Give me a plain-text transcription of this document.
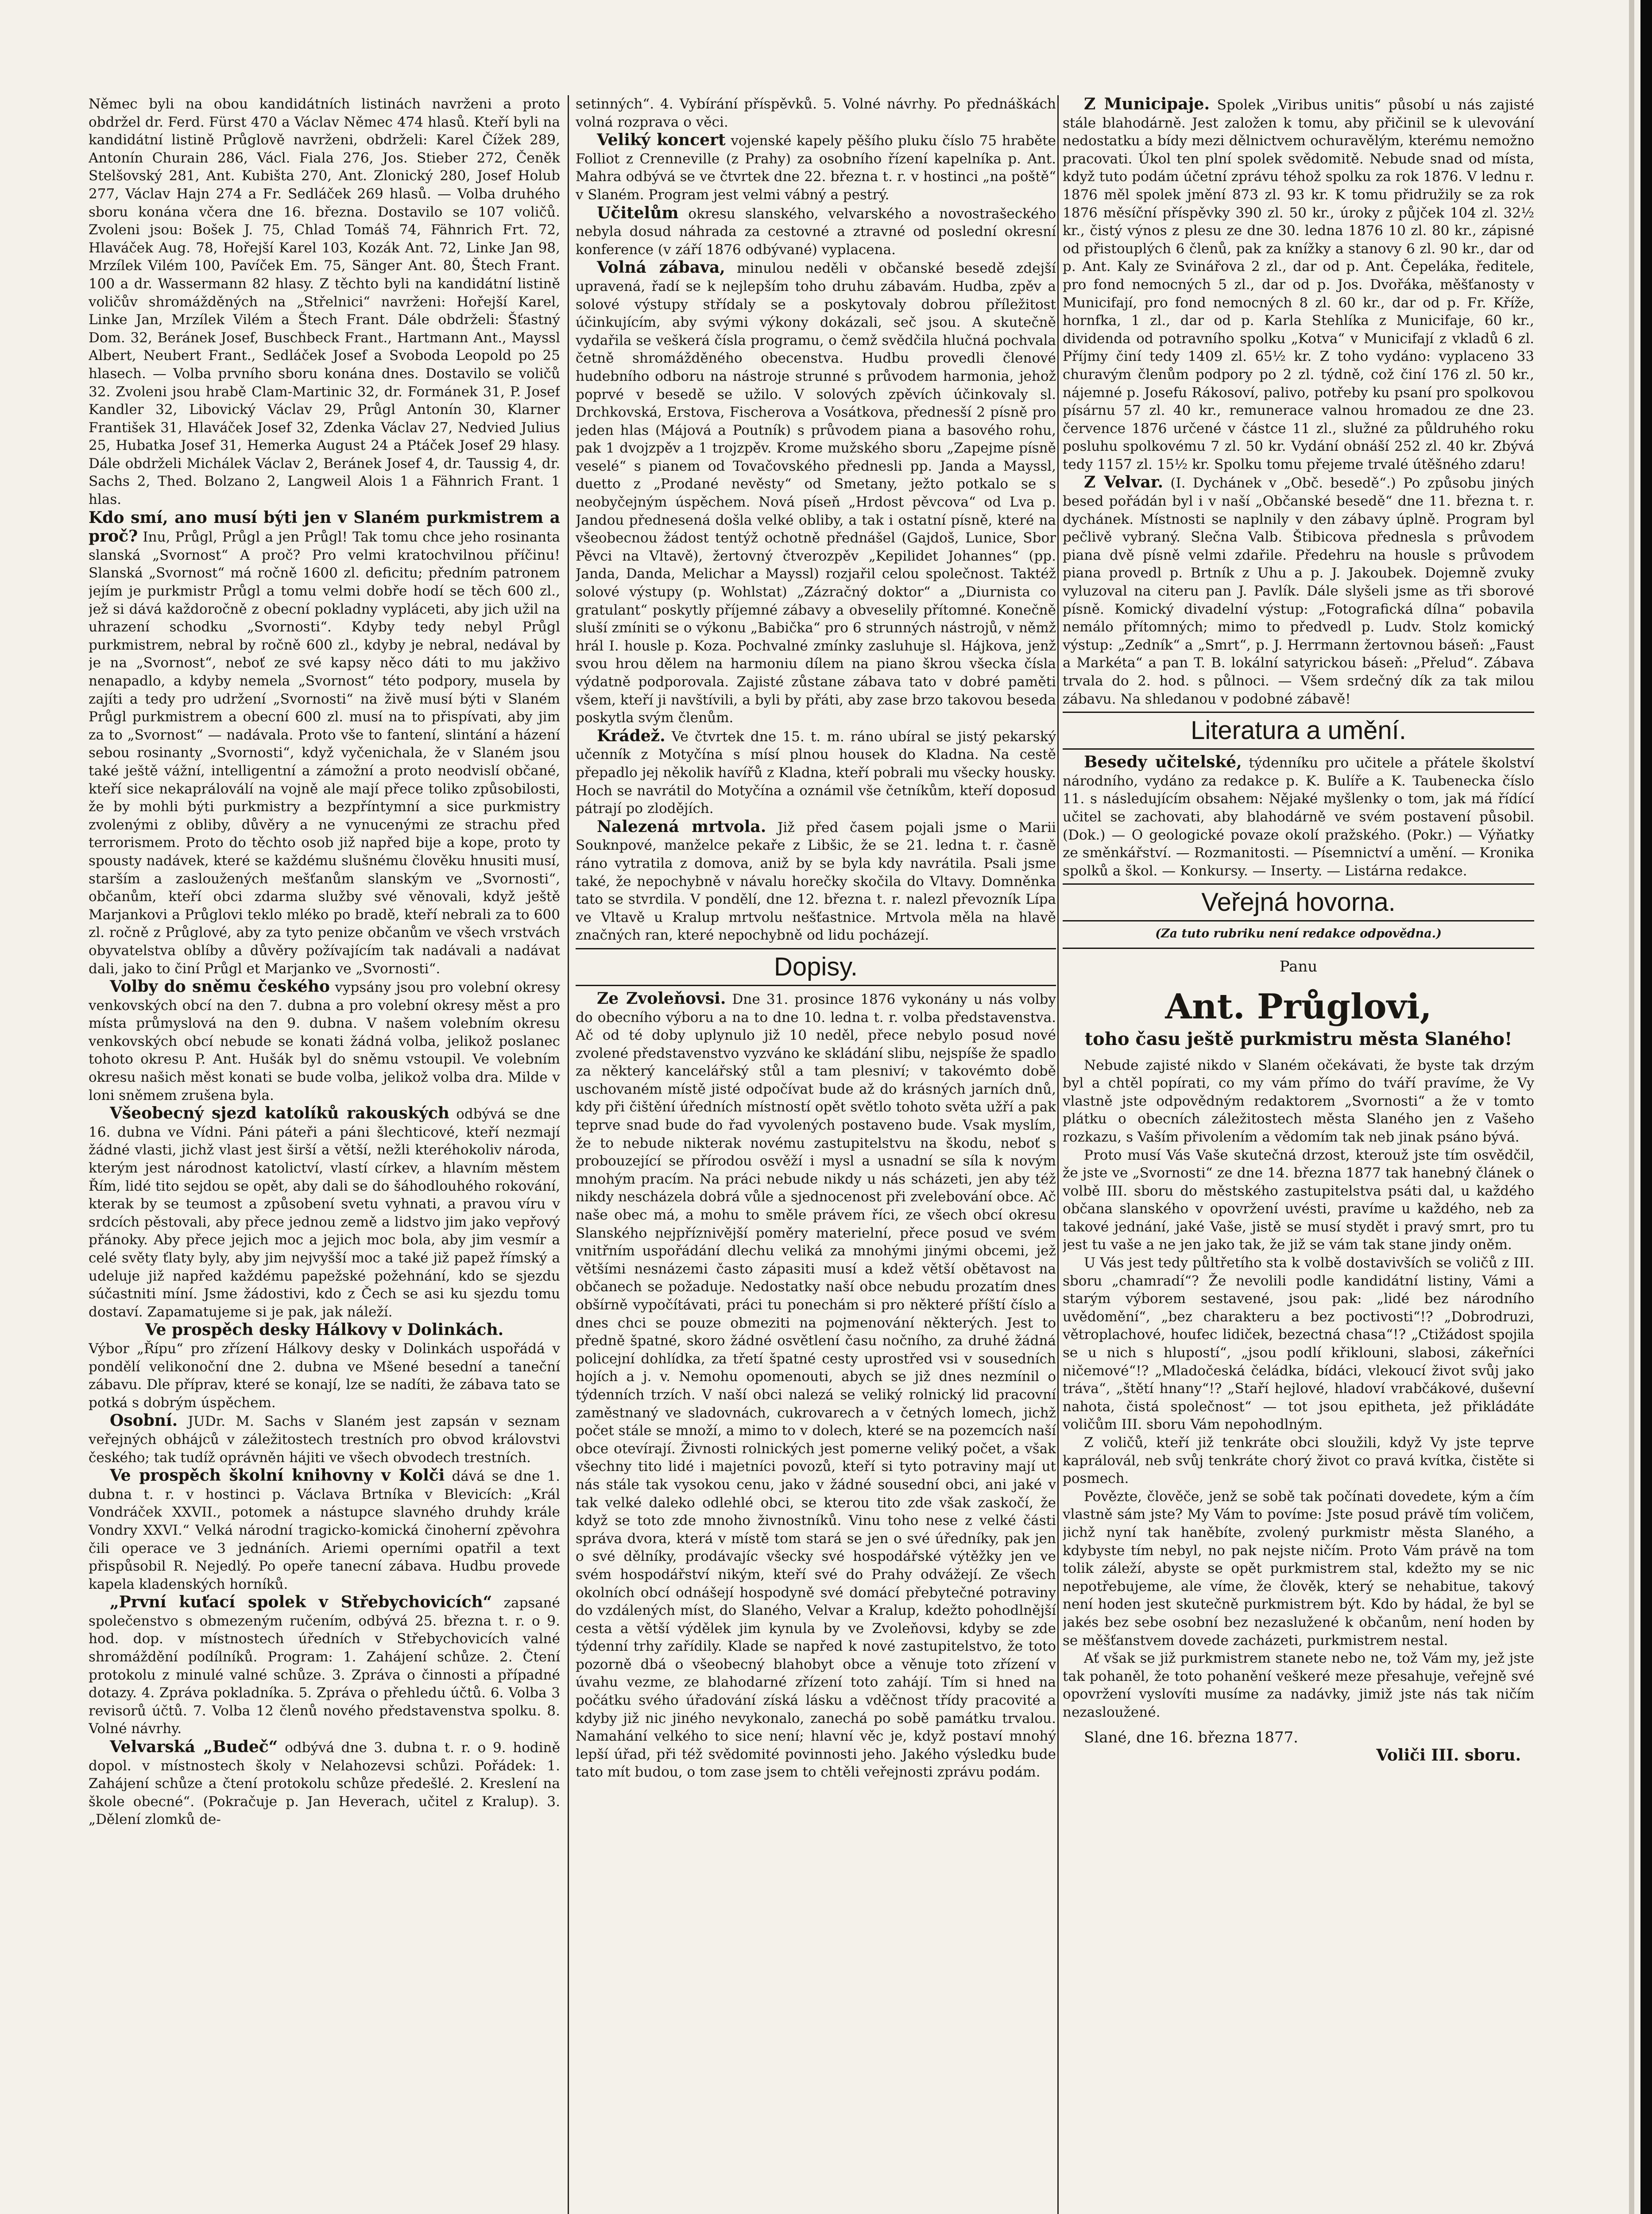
Němec byli na obou kandidátních listinách navrženi a proto obdržel dr. Ferd. Fürst 470 a Václav Němec 474 hlasů. Kteří byli na kandidátní listině Průglově navrženi, obdrželi: Karel Čížek 289, Antonín Churain 286, Václ. Fiala 276, Jos. Stieber 272, Čeněk Stelšovský 281, Ant. Kubišta 270, Ant. Zlonický 280, Josef Holub 277, Václav Hajn 274 a Fr. Sedláček 269 hlasů. — Volba druhého sboru konána včera dne 16. března. Dostavilo se 107 voličů. Zvoleni jsou: Bošek J. 75, Chlad Tomáš 74, Fähnrich Frt. 72, Hlaváček Aug. 78, Hořejší Karel 103, Kozák Ant. 72, Linke Jan 98, Mrzílek Vilém 100, Pavíček Em. 75, Sänger Ant. 80, Štech Frant. 100 a dr. Wassermann 82 hlasy. Z těchto byli na kandidátní listině voličův shromážděných na „Střelnici“ navrženi: Hořejší Karel, Linke Jan, Mrzílek Vilém a Štech Frant. Dále obdrželi: Šťastný Dom. 32, Beránek Josef, Buschbeck Frant., Hartmann Ant., Mayssl Albert, Neubert Frant., Sedláček Josef a Svoboda Leopold po 25 hlasech. — Volba prvního sboru konána dnes. Dostavilo se voličů 32. Zvoleni jsou hrabě Clam-Martinic 32, dr. Formánek 31, P. Josef Kandler 32, Libovický Václav 29, Průgl Antonín 30, Klarner František 31, Hlaváček Josef 32, Zdenka Václav 27, Nedvied Julius 25, Hubatka Josef 31, Hemerka August 24 a Ptáček Josef 29 hlasy. Dále obdrželi Michálek Václav 2, Beránek Josef 4, dr. Taussig 4, dr. Sachs 2, Thed. Bolzano 2, Langweil Alois 1 a Fähnrich Frant. 1 hlas.

Kdo smí, ano musí býti jen v Slaném purkmistrem a proč? Inu, Průgl, Průgl a jen Průgl! Tak tomu chce jeho rosinanta slanská „Svornost“ A proč? Pro velmi kratochvilnou příčinu! Slanská „Svornost“ má ročně 1600 zl. deficitu; předním patronem jejím je purkmistr Průgl a tomu velmi dobře hodí se těch 600 zl., jež si dává každoročně z obecní pokladny vypláceti, aby jich užil na uhrazení schodku „Svornosti“. Kdyby tedy nebyl Průgl purkmistrem, nebral by ročně 600 zl., kdyby je nebral, nedával by je na „Svornost“, neboť ze své kapsy něco dáti to mu jakživo nenapadlo, a kdyby nemela „Svornost“ této podpory, musela by zajíti a tedy pro udržení „Svornosti“ na živě musí býti v Slaném Průgl purkmistrem a obecní 600 zl. musí na to přispívati, aby jim za to „Svornost“ — nadávala. Proto vše to fantení, slintání a házení sebou rosinanty „Svornosti“, když vyčenichala, že v Slaném jsou také ještě vážní, intelligentní a zámožní a proto neodvislí občané, kteří sice nekapráloválí na vojně ale mají přece toliko způsobilosti, že by mohli býti purkmistry a bezpříntymní a sice purkmistry zvolenými z obliby, důvěry a ne vynucenými ze strachu před terrorismem. Proto do těchto osob již napřed bije a kope, proto ty spousty nadávek, které se každému slušnému člověku hnusiti musí, starším a zasloužených mešťanům slanským ve „Svornosti“, občanům, kteří obci zdarma služby své věnovali, když ještě Marjankovi a Průglovi teklo mléko po bradě, kteří nebrali za to 600 zl. ročně z Průglové, aby za tyto penize občanům ve všech vrstvách obyvatelstva oblíby a důvěry požívajícím tak nadávali a nadávat dali, jako to činí Průgl et Marjanko ve „Svornosti“.

Volby do sněmu českého vypsány jsou pro volební okresy venkovských obcí na den 7. dubna a pro volební okresy měst a pro místa průmyslová na den 9. dubna. V našem volebním okresu venkovských obcí nebude se konati žádná volba, jelikož poslanec tohoto okresu P. Ant. Hušák byl do sněmu vstoupil. Ve volebním okresu našich měst konati se bude volba, jelikož volba dra. Milde v loni sněmem zrušena byla.

Všeobecný sjezd katolíků rakouských odbývá se dne 16. dubna ve Vídni. Páni páteři a páni šlechticové, kteří nezmají žádné vlasti, jichž vlast jest širší a větší, nežli kteréhokoliv národa, kterým jest národnost katolictví, vlastí církev, a hlavním městem Řím, lidé tito sejdou se opět, aby dali se do šáhodlouhého rokování, kterak by se teumost a způsobení svetu vyhnati, a pravou víru v srdcích pěstovali, aby přece jednou země a lidstvo jim jako vepřový přánoky. Aby přece jejich moc a jejich moc bola, aby jim vesmír a celé světy ťlaty byly, aby jim nejvyšší moc a také již papež římský a udeluje již napřed každému papežské požehnání, kdo se sjezdu súčastniti míní. Jsme žádostivi, kdo z Čech se asi ku sjezdu tomu dostaví. Zapamatujeme si je pak, jak náleží.

Ve prospěch desky Hálkovy v Dolinkách.

Výbor „Řípu“ pro zřízení Hálkovy desky v Dolinkách uspořádá v pondělí velikonoční dne 2. dubna ve Mšené besední a taneční zábavu. Dle příprav, které se konají, lze se nadíti, že zábava tato se potká s dobrým úspěchem.

Osobní. JUDr. M. Sachs v Slaném jest zapsán v seznam veřejných obhájců v záležitostech trestních pro obvod královstvi českého; tak tudíž oprávněn hájiti ve všech obvodech trestních.

Ve prospěch školní knihovny v Kolči dává se dne 1. dubna t. r. v hostinci p. Václava Brtníka v Blevicích: „Král Vondráček XXVII., potomek a nástupce slavného druhdy krále Vondry XXVI.“ Velká národní tragicko-komická činoherní zpěvohra čili operace ve 3 jednáních. Ariemi operními opatřil a text přispůsobil R. Nejedlý. Po opeře tanecní zábava. Hudbu provede kapela kladenských horníků.

„První kuťací spolek v Střebychovicích“ zapsané společenstvo s obmezeným ručením, odbývá 25. března t. r. o 9. hod. dop. v místnostech úředních v Střebychovicích valné shromáždění podílníků. Program: 1. Zahájení schůze. 2. Čtení protokolu z minulé valné schůze. 3. Zpráva o činnosti a případné dotazy. 4. Zpráva pokladníka. 5. Zpráva o přehledu účtů. 6. Volba 3 revisorů účtů. 7. Volba 12 členů nového představenstva spolku. 8. Volné návrhy.

Velvarská „Budeč“ odbývá dne 3. dubna t. r. o 9. hodině dopol. v místnostech školy v Nelahozevsi schůzi. Pořádek: 1. Zahájení schůze a čtení protokolu schůze předešlé. 2. Kreslení na škole obecné“. (Pokračuje p. Jan Heverach, učitel z Kralup). 3. „Dělení zlomků de-

setinných“. 4. Vybírání příspěvků. 5. Volné návrhy. Po přednáškách volná rozprava o věci.

Veliký koncert vojenské kapely pěšího pluku číslo 75 hraběte Folliot z Crenneville (z Prahy) za osobního řízení kapelníka p. Ant. Mahra odbývá se ve čtvrtek dne 22. března t. r. v hostinci „na poště“ v Slaném. Program jest velmi vábný a pestrý.

Učitelům okresu slanského, velvarského a novostrašeckého nebyla dosud náhrada za cestovné a ztravné od poslední okresní konference (v září 1876 odbývané) vyplacena.

Volná zábava, minulou neděli v občanské besedě zdejší upravená, řadí se k nejlepším toho druhu zábavám. Hudba, zpěv a solové výstupy střídaly se a poskytovaly dobrou příležitost účinkujícím, aby svými výkony dokázali, seč jsou. A skutečně vydařila se veškerá čísla programu, o čemž svědčila hlučná pochvala četně shromážděného obecenstva. Hudbu provedli členové hudebního odboru na nástroje strunné s průvodem harmonia, jehož poprvé v besedě se užilo. V solových zpěvích účinkovaly sl. Drchkovská, Erstova, Fischerova a Vosátkova, přednesší 2 písně pro jeden hlas (Májová a Poutník) s průvodem piana a basového rohu, pak 1 dvojzpěv a 1 trojzpěv. Krome mužského sboru „Zapejme písně veselé“ s pianem od Tovačovského přednesli pp. Janda a Mayssl, duetto z „Prodané nevěsty“ od Smetany, ježto potkalo se s neobyčejným úspěchem. Nová píseň „Hrdost pěvcova“ od Lva p. Jandou přednesená došla velké obliby, a tak i ostatní písně, které na všeobecnou žádost tentýž ochotně přednášel (Gajdoš, Lunice, Sbor Pěvci na Vltavě), žertovný čtverozpěv „Kepilidet Johannes“ (pp. Janda, Danda, Melichar a Mayssl) rozjařil celou společnost. Taktéž solové výstupy (p. Wohlstat) „Zázračný doktor“ a „Diurnista co gratulant“ poskytly příjemné zábavy a obveselily přítomné. Konečně sluší zmíniti se o výkonu „Babička“ pro 6 strunných nástrojů, v němž hrál I. housle p. Koza. Pochvalné zmínky zasluhuje sl. Hájkova, jenž svou hrou dělem na harmoniu dílem na piano škrou všecka čísla výdatně podporovala. Zajisté zůstane zábava tato v dobré paměti všem, kteří ji navštívili, a byli by přáti, aby zase brzo takovou beseda poskytla svým členům.

Krádež. Ve čtvrtek dne 15. t. m. ráno ubíral se jistý pekarský učenník z Motyčína s mísí plnou housek do Kladna. Na cestě přepadlo jej několik havířů z Kladna, kteří pobrali mu všecky housky. Hoch se navrátil do Motyčína a oznámil vše četníkům, kteří doposud pátrají po zlodějích.

Nalezená mrtvola. Již před časem pojali jsme o Marii Souknpové, manželce pekaře z Libšic, že se 21. ledna t. r. časně ráno vytratila z domova, aniž by se byla kdy navrátila. Psali jsme také, že nepochybně v návalu horečky skočila do Vltavy. Domněnka tato se stvrdila. V pondělí, dne 12. března t. r. nalezl převozník Lípa ve Vltavě u Kralup mrtvolu nešťastnice. Mrtvola měla na hlavě značných ran, které nepochybně od lidu pocházejí.

Dopisy.

Ze Zvoleňovsi. Dne 31. prosince 1876 vykonány u nás volby do obecního výboru a na to dne 10. ledna t. r. volba představenstva. Ač od té doby uplynulo již 10 neděl, přece nebylo posud nové zvolené představenstvo vyzváno ke skládání slibu, nejspíše že spadlo za některý kancelářský stůl a tam plesniví; v takovémto době uschovaném místě jisté odpočívat bude až do krásných jarních dnů, kdy při čištění úředních místností opět světlo tohoto světa užří a pak teprve snad bude do řad vyvolených postaveno bude. Vsak myslím, že to nebude nikterak novému zastupitelstvu na škodu, neboť s probouzející se přírodou osvěží i mysl a usnadní se síla k novým mnohým pracím. Na práci nebude nikdy u nás scházeti, jen aby též nikdy nescházela dobrá vůle a sjednocenost při zvelebování obce. Ač naše obec má, a mohu to směle právem říci, ze všech obcí okresu Slanského nejpříznivější poměry materielní, přece posud ve svém vnitřním uspořádání dlechu veliká za mnohými jinými obcemi, jež většími nesnázemi často zápasiti musí a kdež větší obětavost na občanech se požaduje. Nedostatky naší obce nebudu prozatím dnes obšírně vypočítávati, práci tu ponechám si pro některé příští číslo a dnes chci se pouze obmeziti na pojmenování některých. Jest to předně špatné, skoro žádné osvětlení času nočního, za druhé žádná policejní dohlídka, za třetí špatné cesty uprostřed vsi v sousedních hojích a j. v. Nemohu opomenouti, abych se již dnes nezmínil o týdenních trzích. V naší obci nalezá se veliký rolnický lid pracovní zaměstnaný ve sladovnách, cukrovarech a v četných lomech, jichž počet stále se množí, a mimo to v dolech, které se na pozemcích naší obce otevírají. Živnosti rolnických jest pomerne veliký počet, a však všechny tito lidé i majetníci povozů, kteří si tyto potraviny mají ut nás stále tak vysokou cenu, jako v žádné sousední obci, ani jaké v tak velké daleko odlehlé obci, se kterou tito zde však zaskočí, že když se toto zde mnoho živnostníků. Vinu toho nese z velké části správa dvora, která v místě tom stará se jen o své úředníky, pak jen o své dělníky, prodávajíc všecky své hospodářské výtěžky jen ve svém hospodářství nikým, kteří své do Prahy odvážejí. Ze všech okolních obcí odnášejí hospodyně své domácí přebytečné potraviny do vzdálených míst, do Slaného, Velvar a Kralup, kdežto pohodlnější cesta a větší výdělek jim kynula by ve Zvoleňovsi, kdyby se zde týdenní trhy zařídily. Klade se napřed k nové zastupitelstvo, že toto pozorně dbá o všeobecný blahobyt obce a věnuje toto zřízení v úvahu vezme, ze blahodarné zřízení toto zahájí. Tím si hned na počátku svého úřadování získá lásku a vděčnost třídy pracovité a kdyby již nic jiného nevykonalo, zanechá po sobě památku trvalou. Namahání velkého to sice není; hlavní věc je, když postaví mnohý lepší úřad, při též svědomité povinnosti jeho. Jakého výsledku bude tato mít budou, o tom zase jsem to chtěli veřejnosti zprávu podám.

Z Municipaje. Spolek „Viribus unitis“ působí u nás zajisté stále blahodárně. Jest založen k tomu, aby přičinil se k ulevování nedostatku a bídy mezi dělnictvem ochuravělým, kterému nemožno pracovati. Úkol ten plní spolek svědomitě. Nebude snad od místa, když tuto podám účetní zprávu téhož spolku za rok 1876. V lednu r. 1876 měl spolek jmění 873 zl. 93 kr. K tomu přidružily se za rok 1876 měsíční příspěvky 390 zl. 50 kr., úroky z půjček 104 zl. 32½ kr., čistý výnos z plesu ze dne 30. ledna 1876 10 zl. 80 kr., zápisné od přistouplých 6 členů, pak za knížky a stanovy 6 zl. 90 kr., dar od p. Ant. Kaly ze Svinářova 2 zl., dar od p. Ant. Čepeláka, ředitele, pro fond nemocných 5 zl., dar od p. Jos. Dvořáka, měšťanosty v Municifají, pro fond nemocných 8 zl. 60 kr., dar od p. Fr. Kříže, hornfka, 1 zl., dar od p. Karla Stehlíka z Municifaje, 60 kr., dividenda od potravního spolku „Kotva“ v Municifají z vkladů 6 zl. Příjmy činí tedy 1409 zl. 65½ kr. Z toho vydáno: vyplaceno 33 churavým členům podpory po 2 zl. týdně, což činí 176 zl. 50 kr., nájemné p. Josefu Rákosoví, palivo, potřeby ku psaní pro spolkovou písárnu 57 zl. 40 kr., remunerace valnou hromadou ze dne 23. července 1876 určené v částce 11 zl., služné za půldruhého roku posluhu spolkovému 7 zl. 50 kr. Vydání obnáší 252 zl. 40 kr. Zbývá tedy 1157 zl. 15½ kr. Spolku tomu přejeme trvalé útěšného zdaru!

Z Velvar. (I. Dychánek v „Obč. besedě“.) Po způsobu jiných besed pořádán byl i v naší „Občanské besedě“ dne 11. března t. r. dychánek. Místnosti se naplnily v den zábavy úplně. Program byl pečlivě vybraný. Slečna Valb. Štibicova přednesla s průvodem piana dvě písně velmi zdařile. Předehru na housle s průvodem piana provedl p. Brtník z Uhu a p. J. Jakoubek. Dojemně zvuky vyluzoval na citeru pan J. Pavlík. Dále slyšeli jsme as tři sborové písně. Komický divadelní výstup: „Fotografická dílna“ pobavila nemálo přítomných; mimo to předvedl p. Ludv. Stolz komický výstup: „Zedník“ a „Smrt“, p. J. Herrmann žertovnou báseň: „Faust a Markéta“ a pan T. B. lokální satyrickou báseň: „Přelud“. Zábava trvala do 2. hod. s půlnoci. — Všem srdečný dík za tak milou zábavu. Na shledanou v podobné zábavě!

Literatura a umění.

Besedy učitelské, týdenníku pro učitele a přátele školství národního, vydáno za redakce p. K. Bulíře a K. Taubenecka číslo 11. s následujícím obsahem: Nějaké myšlenky o tom, jak má řídící učitel se zachovati, aby blahodárně ve svém postavení působil. (Dok.) — O geologické povaze okolí pražského. (Pokr.) — Výňatky ze směnkářství. — Rozmanitosti. — Písemnictví a umění. — Kronika spolků a škol. — Konkursy. — Inserty. — Listárna redakce.

Veřejná hovorna.
(Za tuto rubriku není redakce odpovědna.)
Panu
Ant. Průglovi,
toho času ještě purkmistru města Slaného!

Nebude zajisté nikdo v Slaném očekávati, že byste tak drzým byl a chtěl popírati, co my vám přímo do tváří pravíme, že Vy vlastně jste odpovědným redaktorem „Svornosti“ a že v tomto plátku o obecních záležitostech města Slaného jen z Vašeho rozkazu, s Vaším přivolením a vědomím tak neb jinak psáno bývá.

Proto musí Vás Vaše skutečná drzost, kterouž jste tím osvědčil, že jste ve „Svornosti“ ze dne 14. března 1877 tak hanebný článek o volbě III. sboru do městského zastupitelstva psáti dal, u každého občana slanského v opovržení uvésti, pravíme u každého, neb za takové jednání, jaké Vaše, jistě se musí stydět i pravý smrt, pro tu jest tu vaše a ne jen jako tak, že již se vám tak stane jindy oněm.

U Vás jest tedy půltřetího sta k volbě dostavivších se voličů z III. sboru „chamradí“? Že nevolili podle kandidátní listiny, Vámi a starým výborem sestavené, jsou pak: „lidé bez národního uvědomění“, „bez charakteru a bez poctivosti“!? „Dobrodruzi, větroplachové, houfec lidiček, bezectná chasa“!? „Ctižádost spojila se u nich s hlupostí“, „jsou podlí křiklouni, slabosi, zákeřníci ničemové“!? „Mladočeská čeládka, bídáci, vlekoucí život svůj jako tráva“, „štětí hnany“!? „Staří hejlové, hladoví vrabčákové, duševní nahota, čistá společnost“ — tot jsou epitheta, jež přikládáte voličům III. sboru Vám nepohodlným.

Z voličů, kteří již tenkráte obci sloužili, když Vy jste teprve kaprálovál, neb svůj tenkráte chorý život co pravá kvítka, čistěte si posmech.

Povězte, člověče, jenž se sobě tak počínati dovedete, kým a čím vlastně sám jste? My Vám to povíme: Jste posud právě tím voličem, jichž nyní tak haněbíte, zvolený purkmistr města Slaného, a kdybyste tím nebyl, no pak nejste ničím. Proto Vám právě na tom tolik záleží, abyste se opět purkmistrem stal, kdežto my se nic nepotřebujeme, ale víme, že člověk, který se nehabitue, takový není hoden jest skutečně purkmistrem být. Kdo by hádal, že byl se jakés bez sebe osobní bez nezaslužené k občanům, není hoden by se měšťanstvem dovede zacházeti, purkmistrem nestal.

Ať však se již purkmistrem stanete nebo ne, tož Vám my, jež jste tak pohaněl, že toto pohanění veškeré meze přesahuje, veřejně své opovržení vyslovíti musíme za nadávky, jimiž jste nás tak ničím nezasloužené.

Slané, dne 16. března 1877.
Voliči III. sboru.
